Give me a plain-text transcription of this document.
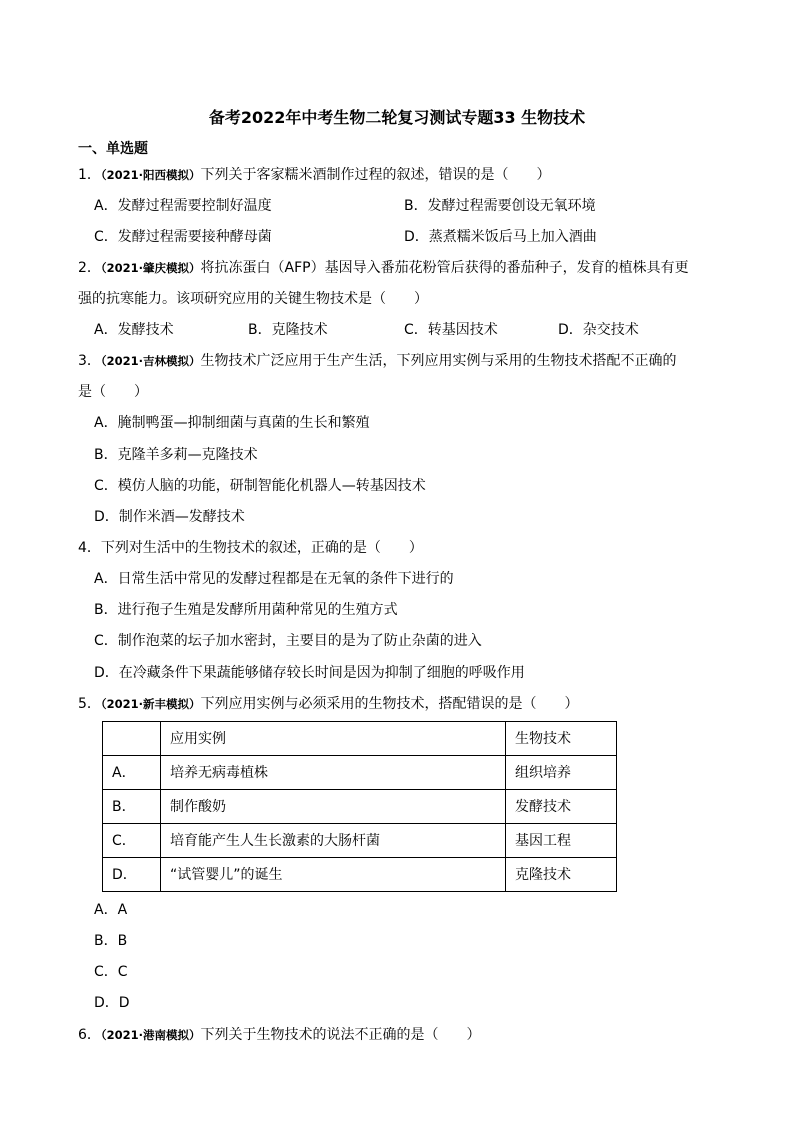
备考2022年中考生物二轮复习测试专题33 生物技术
一、单选题
1．（2021·阳西模拟）下列关于客家糯米酒制作过程的叙述，错误的是（　　）
A．发酵过程需要控制好温度	B．发酵过程需要创设无氧环境
C．发酵过程需要接种酵母菌	D．蒸煮糯米饭后马上加入酒曲
2．（2021·肇庆模拟）将抗冻蛋白（AFP）基因导入番茄花粉管后获得的番茄种子，发育的植株具有更
强的抗寒能力。该项研究应用的关键生物技术是（　　）
A．发酵技术	B．克隆技术	C．转基因技术	D．杂交技术
3．（2021·吉林模拟）生物技术广泛应用于生产生活，下列应用实例与采用的生物技术搭配不正确的
是（　　）
A．腌制鸭蛋—抑制细菌与真菌的生长和繁殖
B．克隆羊多莉—克隆技术
C．模仿人脑的功能，研制智能化机器人—转基因技术
D．制作米酒—发酵技术
4．下列对生活中的生物技术的叙述，正确的是（　　）
A．日常生活中常见的发酵过程都是在无氧的条件下进行的
B．进行孢子生殖是发酵所用菌种常见的生殖方式
C．制作泡菜的坛子加水密封，主要目的是为了防止杂菌的进入
D．在冷藏条件下果蔬能够储存较长时间是因为抑制了细胞的呼吸作用
5．（2021·新丰模拟）下列应用实例与必须采用的生物技术，搭配错误的是（　　）
	应用实例	生物技术
A．	培养无病毒植株	组织培养
B．	制作酸奶	发酵技术
C．	培育能产生人生长激素的大肠杆菌	基因工程
D．	“试管婴儿”的诞生	克隆技术
A．A
B．B
C．C
D．D
6．（2021·港南模拟）下列关于生物技术的说法不正确的是（　　）
